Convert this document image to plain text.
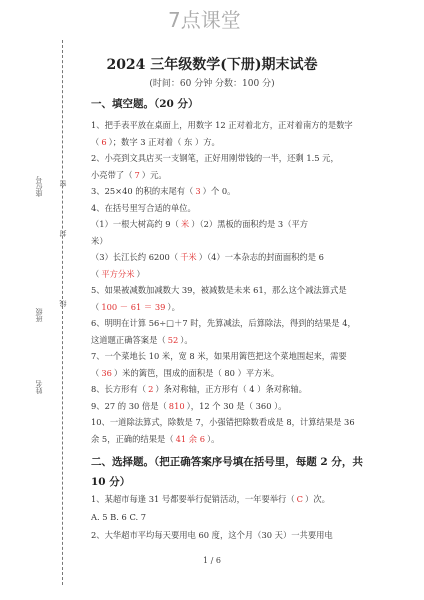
7点课堂
座位号
班级
姓名
密
封
线
2024 三年级数学(下册)期末试卷
(时间：60 分钟 分数：100 分)
一、填空题。（20 分）
1、把手表平放在桌面上，用数字 12 正对着北方，正对着南方的是数字
（ 6 ）；数字 3 正对着（ 东 ）方。
2、小亮到文具店买一支钢笔，正好用刚带钱的一半，还剩 1.5 元，
小亮带了（ 7 ）元。
3、25×40 的积的末尾有（ 3 ）个 0。
4、在括号里写合适的单位。
（1）一根大树高约 9（ 米 ）（2）黑板的面积约是 3（平方
米）
（3）长江长约 6200（ 千米 ）（4）一本杂志的封面面积约是 6
（ 平方分米 ）
5、如果被减数加减数大 39，被减数是未来 61，那么这个减法算式是
（ 100 － 61 ＝ 39 ）。
6、明明在计算 56÷□＋7 时，先算减法，后算除法，得到的结果是 4，
这道题正确答案是（ 52 ）。
7、一个菜地长 10 米，宽 8 米，如果用篱笆把这个菜地围起来，需要
（ 36 ）米的篱笆，围成的面积是（ 80 ）平方米。
8、长方形有（ 2 ）条对称轴，正方形有（ 4 ）条对称轴。
9、27 的 30 倍是（ 810 ），12 个 30 是（ 360 ）。
10、一道除法算式，除数是 7，小强错把除数看成是 8，计算结果是 36
余 5，正确的结果是（ 41 余 6 ）。
二、选择题。（把正确答案序号填在括号里，每题 2 分，共
10 分）
1、某超市每逢 31 号都要举行促销活动，一年要举行（ C ）次。
A. 5 B. 6 C. 7
2、大华超市平均每天要用电 60 度，这个月（30 天）一共要用电
1 / 6
